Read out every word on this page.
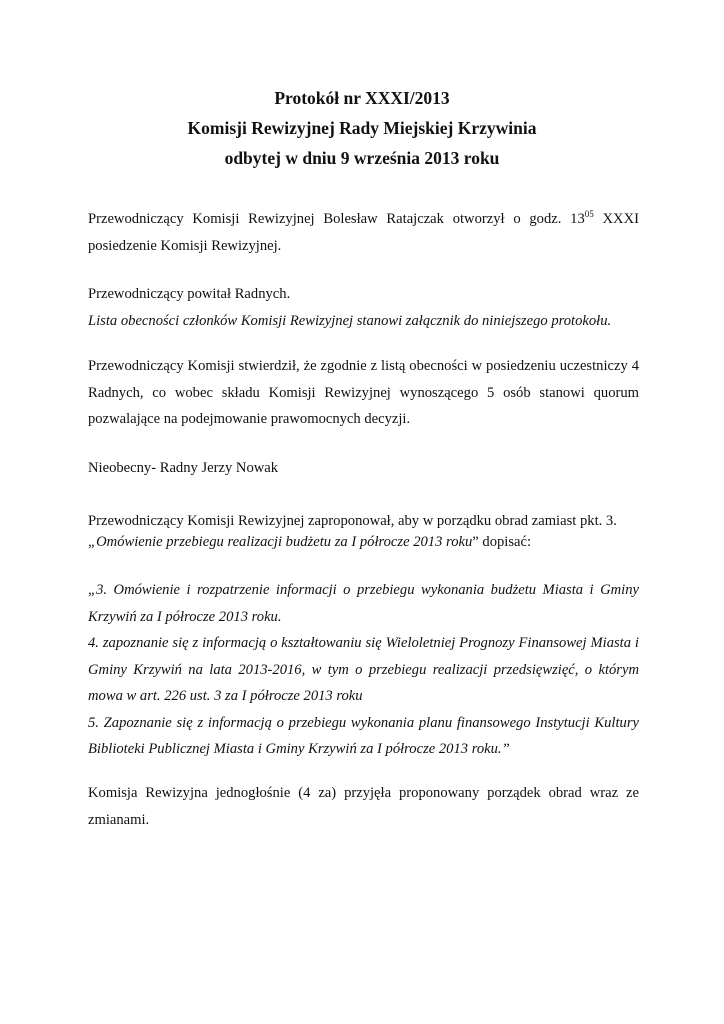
Protokół nr XXXI/2013

Komisji Rewizyjnej Rady Miejskiej Krzywinia

odbytej w dniu 9 września 2013 roku

Przewodniczący Komisji Rewizyjnej Bolesław Ratajczak otworzył o godz. $13^{05}$ XXXI
posiedzenie Komisji Rewizyjnej.
Przewodniczący powitał Radnych.
Lista obecności członków Komisji Rewizyjnej stanowi załącznik do niniejszego protokołu.
Przewodniczący Komisji stwierdził, że zgodnie z listą obecności w posiedzeniu uczestniczy 4
Radnych, co wobec składu Komisji Rewizyjnej wynoszącego 5 osób stanowi quorum
pozwalające na podejmowanie prawomocnych decyzji.
Nieobecny- Radny Jerzy Nowak
Przewodniczący Komisji Rewizyjnej zaproponował, aby w porządku obrad zamiast pkt. 3.
„Omówienie przebiegu realizacji budżetu za I półrocze 2013 roku” dopisać:
„3. Omówienie i rozpatrzenie informacji o przebiegu wykonania budżetu Miasta i Gminy
Krzywiń za I półrocze 2013 roku.
4. zapoznanie się z informacją o kształtowaniu się Wieloletniej Prognozy Finansowej Miasta i
Gminy Krzywiń na lata 2013-2016, w tym o przebiegu realizacji przedsięwzięć, o którym
mowa w art. 226 ust. 3 za I półrocze 2013 roku
5. Zapoznanie się z informacją o przebiegu wykonania planu finansowego Instytucji Kultury
Biblioteki Publicznej Miasta i Gminy Krzywiń za I półrocze 2013 roku.”
Komisja Rewizyjna jednogłośnie (4 za) przyjęła proponowany porządek obrad wraz ze
zmianami.
